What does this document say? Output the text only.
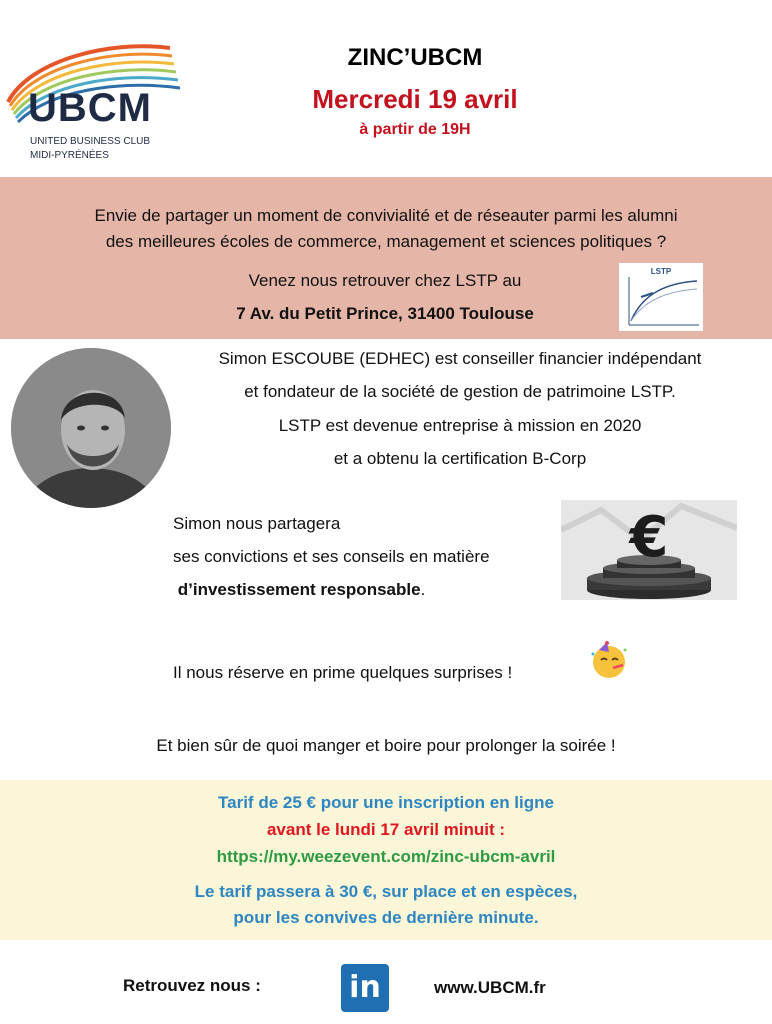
UBCM
UNITED BUSINESS CLUB
MIDI-PYRÉNÉES
ZINC’UBCM
Mercredi 19 avril
à partir de 19H
Envie de partager un moment de convivialité et de réseauter parmi les alumni
des meilleures écoles de commerce, management et sciences politiques ?
Venez nous retrouver chez LSTP au
7 Av. du Petit Prince, 31400 Toulouse
LSTP
Simon ESCOUBE (EDHEC) est conseiller financier indépendant
et fondateur de la société de gestion de patrimoine LSTP.
LSTP est devenue entreprise à mission en 2020
et a obtenu la certification B-Corp
Simon nous partagera
ses convictions et ses conseils en matière
d’investissement responsable.
€
Il nous réserve en prime quelques surprises !
Et bien sûr de quoi manger et boire pour prolonger la soirée !
Tarif de 25 € pour une inscription en ligne
avant le lundi 17 avril minuit :
https://my.weezevent.com/zinc-ubcm-avril
Le tarif passera à 30 €, sur place et en espèces,
pour les convives de dernière minute.
Retrouvez nous :	in	www.UBCM.fr
